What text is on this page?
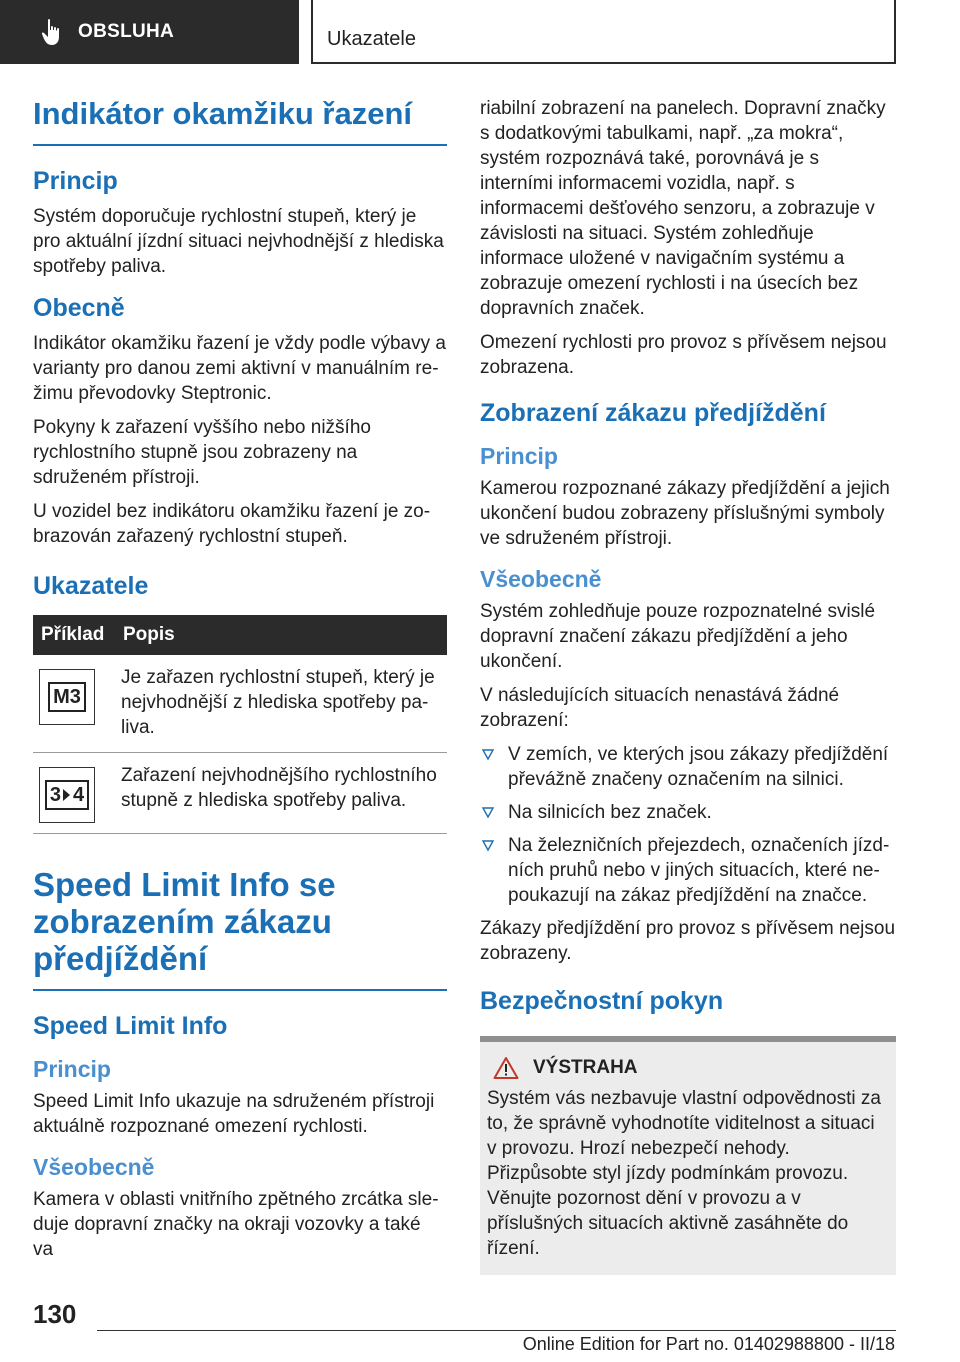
OBSLUHA	Ukazatele
Indikátor okamžiku řazení
Princip

Systém doporučuje rychlostní stupeň, který je pro aktuální jízdní situaci nejvhodnější z hlediska spotřeby paliva.

Obecně

Indikátor okamžiku řazení je vždy podle výbavy a varianty pro danou zemi aktivní v manuálním režimu převodovky Steptronic.

Pokyny k zařazení vyššího nebo nižšího rychlostního stupně jsou zobrazeny na sdruženém přístroji.

U vozidel bez indikátoru okamžiku řazení je zobrazován zařazený rychlostní stupeň.

Ukazatele
Příklad	Popis

M3	Je zařazen rychlostní stupeň, který je nejvhodnější z hlediska spotřeby paliva.

3 4	Zařazení nejvhodnějšího rychlostního stupně z hlediska spotřeby paliva.
Speed Limit Info se zobrazením zákazu předjíždění
Speed Limit Info
Princip

Speed Limit Info ukazuje na sdruženém přístroji aktuálně rozpoznané omezení rychlosti.

Všeobecně

Kamera v oblasti vnitřního zpětného zrcátka sleduje dopravní značky na okraji vozovky a také va

riabilní zobrazení na panelech. Dopravní značky s dodatkovými tabulkami, např. „za mokra“, systém rozpoznává také, porovnává je s interními informacemi vozidla, např. s informacemi dešťového senzoru, a zobrazuje v závislosti na situaci. Systém zohledňuje informace uložené v navigačním systému a zobrazuje omezení rychlosti i na úsecích bez dopravních značek.

Omezení rychlosti pro provoz s přívěsem nejsou zobrazena.

Zobrazení zákazu předjíždění
Princip

Kamerou rozpoznané zákazy předjíždění a jejich ukončení budou zobrazeny příslušnými symboly ve sdruženém přístroji.

Všeobecně

Systém zohledňuje pouze rozpoznatelné svislé dopravní značení zákazu předjíždění a jeho ukončení.

V následujících situacích nenastává žádné zobrazení:

V zemích, ve kterých jsou zákazy předjíždění převážně značeny označením na silnici.
Na silnicích bez značek.
Na železničních přejezdech, označeních jízdních pruhů nebo v jiných situacích, které nepoukazují na zákaz předjíždění na značce.

Zákazy předjíždění pro provoz s přívěsem nejsou zobrazeny.

Bezpečnostní pokyn
VÝSTRAHA

Systém vás nezbavuje vlastní odpovědnosti za to, že správně vyhodnotíte viditelnost a situaci v provozu. Hrozí nebezpečí nehody. Přizpůsobte styl jízdy podmínkám provozu. Věnujte pozornost dění v provozu a v příslušných situacích aktivně zasáhněte do řízení.

130
Online Edition for Part no. 01402988800 - II/18
